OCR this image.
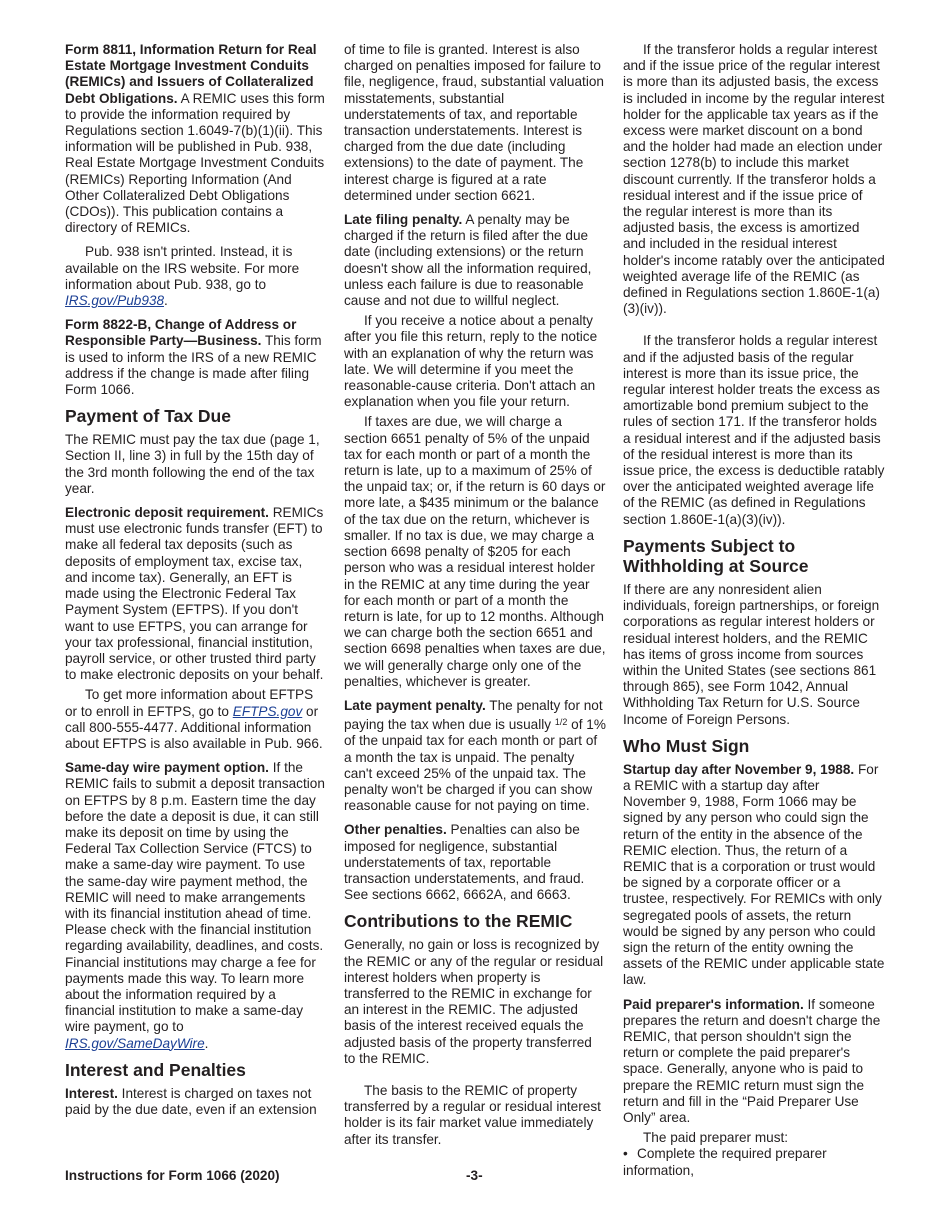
Form 8811, Information Return for Real Estate Mortgage Investment Conduits (REMICs) and Issuers of Collateralized Debt Obligations. A REMIC uses this form to provide the information required by Regulations section 1.6049-7(b)(1)(ii). This information will be published in Pub. 938, Real Estate Mortgage Investment Conduits (REMICs) Reporting Information (And Other Collateralized Debt Obligations (CDOs)). This publication contains a directory of REMICs.

Pub. 938 isn't printed. Instead, it is available on the IRS website. For more information about Pub. 938, go to IRS.gov/Pub938.

Form 8822-B, Change of Address or Responsible Party—Business. This form is used to inform the IRS of a new REMIC address if the change is made after filing Form 1066.

Payment of Tax Due

The REMIC must pay the tax due (page 1, Section II, line 3) in full by the 15th day of the 3rd month following the end of the tax year.

Electronic deposit requirement. REMICs must use electronic funds transfer (EFT) to make all federal tax deposits (such as deposits of employment tax, excise tax, and income tax). Generally, an EFT is made using the Electronic Federal Tax Payment System (EFTPS). If you don't want to use EFTPS, you can arrange for your tax professional, financial institution, payroll service, or other trusted third party to make electronic deposits on your behalf.

To get more information about EFTPS or to enroll in EFTPS, go to EFTPS.gov or call 800-555-4477. Additional information about EFTPS is also available in Pub. 966.

Same-day wire payment option. If the REMIC fails to submit a deposit transaction on EFTPS by 8 p.m. Eastern time the day before the date a deposit is due, it can still make its deposit on time by using the Federal Tax Collection Service (FTCS) to make a same-day wire payment. To use the same-day wire payment method, the REMIC will need to make arrangements with its financial institution ahead of time. Please check with the financial institution regarding availability, deadlines, and costs. Financial institutions may charge a fee for payments made this way. To learn more about the information required by a financial institution to make a same-day wire payment, go to IRS.gov/SameDayWire.

Interest and Penalties

Interest. Interest is charged on taxes not paid by the due date, even if an extension

of time to file is granted. Interest is also charged on penalties imposed for failure to file, negligence, fraud, substantial valuation misstatements, substantial understatements of tax, and reportable transaction understatements. Interest is charged from the due date (including extensions) to the date of payment. The interest charge is figured at a rate determined under section 6621.

Late filing penalty. A penalty may be charged if the return is filed after the due date (including extensions) or the return doesn't show all the information required, unless each failure is due to reasonable cause and not due to willful neglect.

If you receive a notice about a penalty after you file this return, reply to the notice with an explanation of why the return was late. We will determine if you meet the reasonable-cause criteria. Don't attach an explanation when you file your return.

If taxes are due, we will charge a section 6651 penalty of 5% of the unpaid tax for each month or part of a month the return is late, up to a maximum of 25% of the unpaid tax; or, if the return is 60 days or more late, a $435 minimum or the balance of the tax due on the return, whichever is smaller. If no tax is due, we may charge a section 6698 penalty of $205 for each person who was a residual interest holder in the REMIC at any time during the year for each month or part of a month the return is late, for up to 12 months. Although we can charge both the section 6651 and section 6698 penalties when taxes are due, we will generally charge only one of the penalties, whichever is greater.

Late payment penalty. The penalty for not paying the tax when due is usually $^{1/2}$ of 1% of the unpaid tax for each month or part of a month the tax is unpaid. The penalty can't exceed 25% of the unpaid tax. The penalty won't be charged if you can show reasonable cause for not paying on time.

Other penalties. Penalties can also be imposed for negligence, substantial understatements of tax, reportable transaction understatements, and fraud. See sections 6662, 6662A, and 6663.

Contributions to the REMIC

Generally, no gain or loss is recognized by the REMIC or any of the regular or residual interest holders when property is transferred to the REMIC in exchange for an interest in the REMIC. The adjusted basis of the interest received equals the adjusted basis of the property transferred to the REMIC.

The basis to the REMIC of property transferred by a regular or residual interest holder is its fair market value immediately after its transfer.

If the transferor holds a regular interest and if the issue price of the regular interest is more than its adjusted basis, the excess is included in income by the regular interest holder for the applicable tax years as if the excess were market discount on a bond and the holder had made an election under section 1278(b) to include this market discount currently. If the transferor holds a residual interest and if the issue price of the regular interest is more than its adjusted basis, the excess is amortized and included in the residual interest holder's income ratably over the anticipated weighted average life of the REMIC (as defined in Regulations section 1.860E-1(a)(3)(iv)).

If the transferor holds a regular interest and if the adjusted basis of the regular interest is more than its issue price, the regular interest holder treats the excess as amortizable bond premium subject to the rules of section 171. If the transferor holds a residual interest and if the adjusted basis of the residual interest is more than its issue price, the excess is deductible ratably over the anticipated weighted average life of the REMIC (as defined in Regulations section 1.860E-1(a)(3)(iv)).

Payments Subject to Withholding at Source

If there are any nonresident alien individuals, foreign partnerships, or foreign corporations as regular interest holders or residual interest holders, and the REMIC has items of gross income from sources within the United States (see sections 861 through 865), see Form 1042, Annual Withholding Tax Return for U.S. Source Income of Foreign Persons.

Who Must Sign

Startup day after November 9, 1988. For a REMIC with a startup day after November 9, 1988, Form 1066 may be signed by any person who could sign the return of the entity in the absence of the REMIC election. Thus, the return of a REMIC that is a corporation or trust would be signed by a corporate officer or a trustee, respectively. For REMICs with only segregated pools of assets, the return would be signed by any person who could sign the return of the entity owning the assets of the REMIC under applicable state law.

Paid preparer's information. If someone prepares the return and doesn't charge the REMIC, that person shouldn't sign the return or complete the paid preparer's space. Generally, anyone who is paid to prepare the REMIC return must sign the return and fill in the “Paid Preparer Use Only” area.

The paid preparer must:

• Complete the required preparer information,
Instructions for Form 1066 (2020)	-3-
